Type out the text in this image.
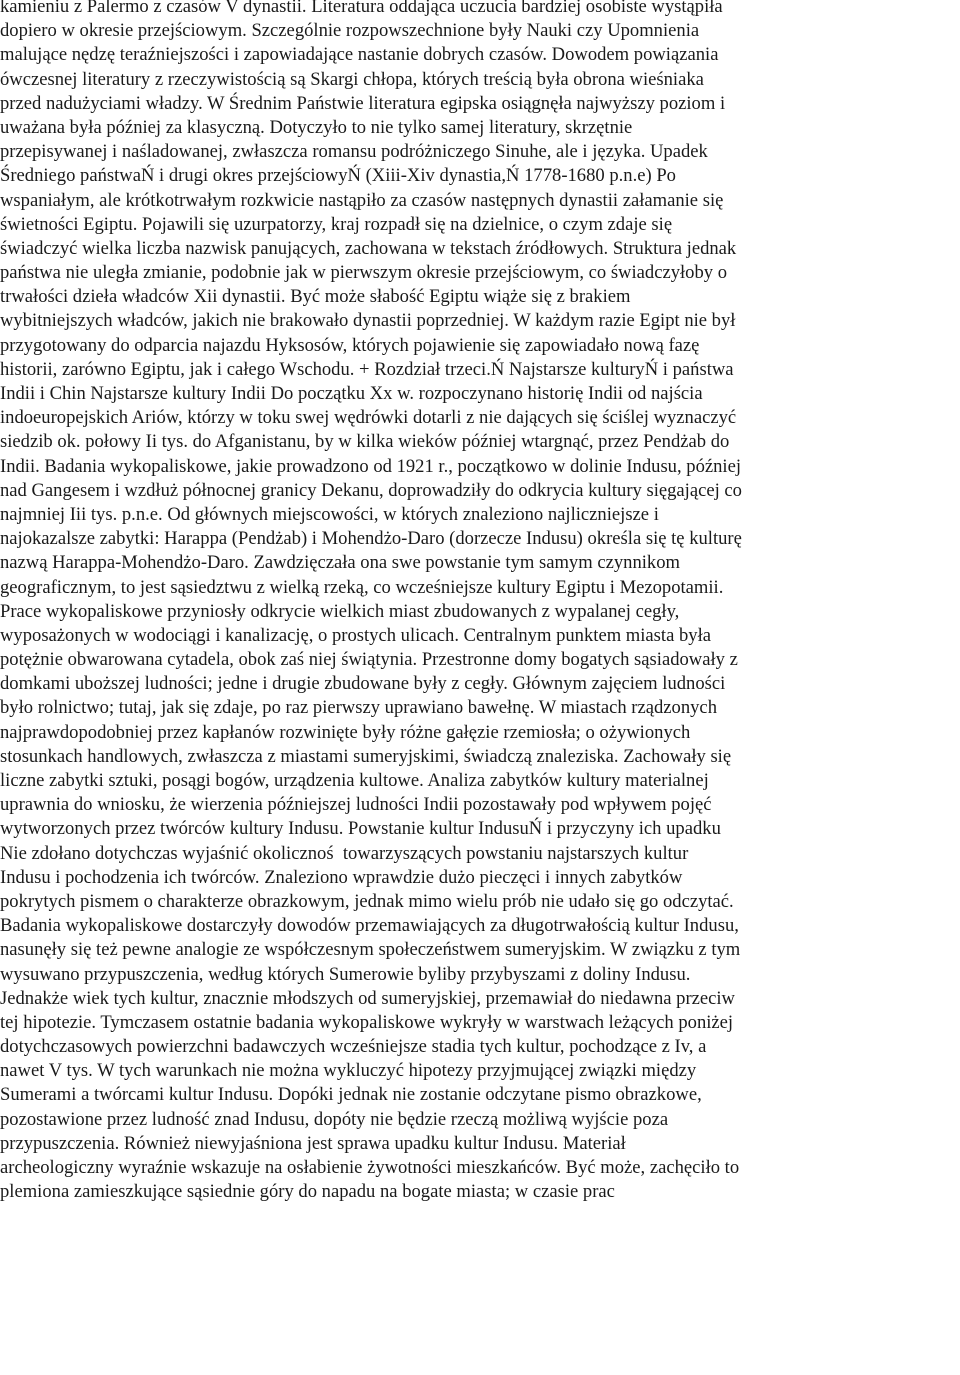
kamieniu z Palermo z czasów V dynastii. Literatura oddająca uczucia bardziej osobiste wystąpiła
dopiero w okresie przejściowym. Szczególnie rozpowszechnione były Nauki czy Upomnienia
malujące nędzę teraźniejszości i zapowiadające nastanie dobrych czasów. Dowodem powiązania
ówczesnej literatury z rzeczywistością są Skargi chłopa, których treścią była obrona wieśniaka
przed nadużyciami władzy. W Średnim Państwie literatura egipska osiągnęła najwyższy poziom i
uważana była później za klasyczną. Dotyczyło to nie tylko samej literatury, skrzętnie
przepisywanej i naśladowanej, zwłaszcza romansu podróżniczego Sinuhe, ale i języka. Upadek
Średniego państwaŃ i drugi okres przejściowyŃ (Xiii-Xiv dynastia,Ń 1778-1680 p.n.e) Po
wspaniałym, ale krótkotrwałym rozkwicie nastąpiło za czasów następnych dynastii załamanie się
świetności Egiptu. Pojawili się uzurpatorzy, kraj rozpadł się na dzielnice, o czym zdaje się
świadczyć wielka liczba nazwisk panujących, zachowana w tekstach źródłowych. Struktura jednak
państwa nie uległa zmianie, podobnie jak w pierwszym okresie przejściowym, co świadczyłoby o
trwałości dzieła władców Xii dynastii. Być może słabość Egiptu wiąże się z brakiem
wybitniejszych władców, jakich nie brakowało dynastii poprzedniej. W każdym razie Egipt nie był
przygotowany do odparcia najazdu Hyksosów, których pojawienie się zapowiadało nową fazę
historii, zarówno Egiptu, jak i całego Wschodu. + Rozdział trzeci.Ń Najstarsze kulturyŃ i państwa
Indii i Chin Najstarsze kultury Indii Do początku Xx w. rozpoczynano historię Indii od najścia
indoeuropejskich Ariów, którzy w toku swej wędrówki dotarli z nie dających się ściślej wyznaczyć
siedzib ok. połowy Ii tys. do Afganistanu, by w kilka wieków później wtargnąć, przez Pendżab do
Indii. Badania wykopaliskowe, jakie prowadzono od 1921 r., początkowo w dolinie Indusu, później
nad Gangesem i wzdłuż północnej granicy Dekanu, doprowadziły do odkrycia kultury sięgającej co
najmniej Iii tys. p.n.e. Od głównych miejscowości, w których znaleziono najliczniejsze i
najokazalsze zabytki: Harappa (Pendżab) i Mohendżo-Daro (dorzecze Indusu) określa się tę kulturę
nazwą Harappa-Mohendżo-Daro. Zawdzięczała ona swe powstanie tym samym czynnikom
geograficznym, to jest sąsiedztwu z wielką rzeką, co wcześniejsze kultury Egiptu i Mezopotamii.
Prace wykopaliskowe przyniosły odkrycie wielkich miast zbudowanych z wypalanej cegły,
wyposażonych w wodociągi i kanalizację, o prostych ulicach. Centralnym punktem miasta była
potężnie obwarowana cytadela, obok zaś niej świątynia. Przestronne domy bogatych sąsiadowały z
domkami uboższej ludności; jedne i drugie zbudowane były z cegły. Głównym zajęciem ludności
było rolnictwo; tutaj, jak się zdaje, po raz pierwszy uprawiano bawełnę. W miastach rządzonych
najprawdopodobniej przez kapłanów rozwinięte były różne gałęzie rzemiosła; o ożywionych
stosunkach handlowych, zwłaszcza z miastami sumeryjskimi, świadczą znaleziska. Zachowały się
liczne zabytki sztuki, posągi bogów, urządzenia kultowe. Analiza zabytków kultury materialnej
uprawnia do wniosku, że wierzenia późniejszej ludności Indii pozostawały pod wpływem pojęć
wytworzonych przez twórców kultury Indusu. Powstanie kultur IndusuŃ i przyczyny ich upadku
Nie zdołano dotychczas wyjaśnić okolicznoś  towarzyszących powstaniu najstarszych kultur
Indusu i pochodzenia ich twórców. Znaleziono wprawdzie dużo pieczęci i innych zabytków
pokrytych pismem o charakterze obrazkowym, jednak mimo wielu prób nie udało się go odczytać.
Badania wykopaliskowe dostarczyły dowodów przemawiających za długotrwałością kultur Indusu,
nasunęły się też pewne analogie ze współczesnym społeczeństwem sumeryjskim. W związku z tym
wysuwano przypuszczenia, według których Sumerowie byliby przybyszami z doliny Indusu.
Jednakże wiek tych kultur, znacznie młodszych od sumeryjskiej, przemawiał do niedawna przeciw
tej hipotezie. Tymczasem ostatnie badania wykopaliskowe wykryły w warstwach leżących poniżej
dotychczasowych powierzchni badawczych wcześniejsze stadia tych kultur, pochodzące z Iv, a
nawet V tys. W tych warunkach nie można wykluczyć hipotezy przyjmującej związki między
Sumerami a twórcami kultur Indusu. Dopóki jednak nie zostanie odczytane pismo obrazkowe,
pozostawione przez ludność znad Indusu, dopóty nie będzie rzeczą możliwą wyjście poza
przypuszczenia. Również niewyjaśniona jest sprawa upadku kultur Indusu. Materiał
archeologiczny wyraźnie wskazuje na osłabienie żywotności mieszkańców. Być może, zachęciło to
plemiona zamieszkujące sąsiednie góry do napadu na bogate miasta; w czasie prac
